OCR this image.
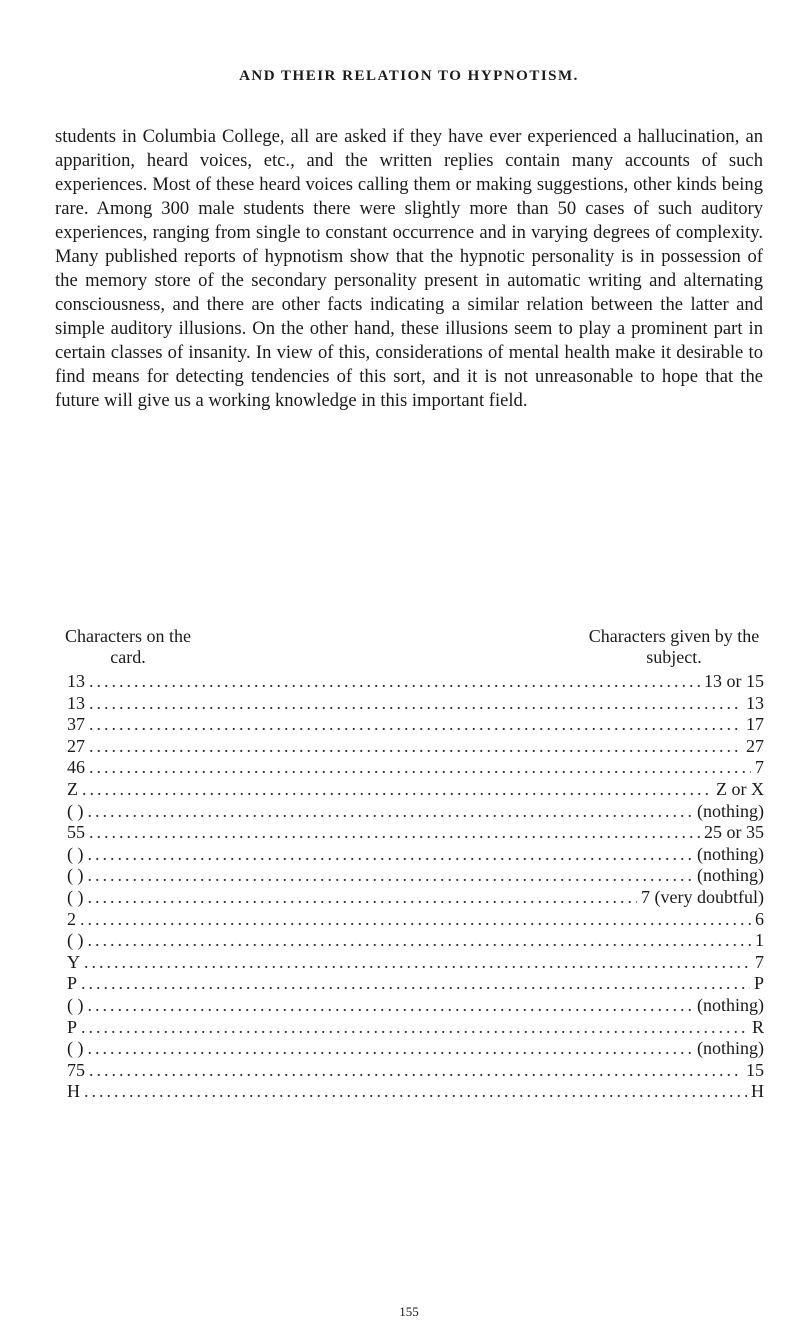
AND THEIR RELATION TO HYPNOTISM.

students in Columbia College, all are asked if they have ever experienced a hallucination, an apparition, heard voices, etc., and the written replies contain many accounts of such experiences. Most of these heard voices calling them or making suggestions, other kinds being rare. Among 300 male students there were slightly more than 50 cases of such auditory experiences, ranging from single to constant occurrence and in varying degrees of complexity. Many published reports of hypnotism show that the hypnotic personality is in possession of the memory store of the secondary personality present in automatic writing and alternating consciousness, and there are other facts indicating a similar relation between the latter and simple auditory illusions. On the other hand, these illusions seem to play a prominent part in certain classes of insanity. In view of this, considerations of mental health make it desirable to find means for detecting tendencies of this sort, and it is not unreasonable to hope that the future will give us a working knowledge in this important field.

Characters on the card.
Characters given by the subject.
13 .....	13 or 15
13 .....	13
37 .....	17
27 .....	27
46 .....	7
Z .....	Z or X
( ) .....	(nothing)
55 .....	25 or 35
( ) .....	(nothing)
( ) .....	(nothing)
( ) .....	7 (very doubtful)
2 .....	6
( ) .....	1
Y .....	7
P .....	P
( ) .....	(nothing)
P .....	R
( ) .....	(nothing)
75 .....	15
H .....	H
155
